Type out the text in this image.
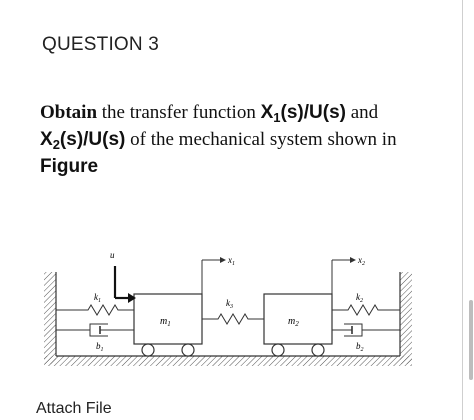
QUESTION 3
Obtain the transfer function $X_1(s)/U(s)$ and
$X_2(s)/U(s)$ of the mechanical system shown in
Figure
$m_1$	$m_2$
$k_1$
$b_1$
$k_3$
$k_2$
$b_2$
u	$x_1$	$x_2$
Attach File
